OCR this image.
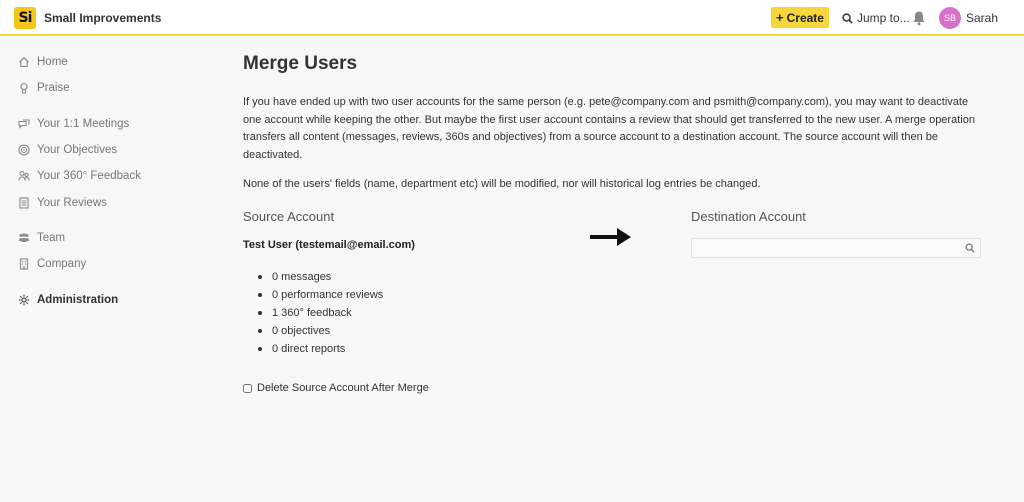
Si	Small Improvements	+ Create	Jump to...	SB Sarah
Home
Praise
Your 1:1 Meetings
Your Objectives
Your 360° Feedback
Your Reviews
Team
Company
Administration
Merge Users

If you have ended up with two user accounts for the same person (e.g. pete@company.com and psmith@company.com), you may want to deactivate one account while keeping the other. But maybe the first user account contains a review that should get transferred to the new user. A merge operation transfers all content (messages, reviews, 360s and objectives) from a source account to a destination account. The source account will then be deactivated.

None of the users' fields (name, department etc) will be modified, nor will historical log entries be changed.

Source Account
Test User (testemail@email.com)
0 messages
0 performance reviews
1 360° feedback
0 objectives
0 direct reports
Destination Account
Delete Source Account After Merge
